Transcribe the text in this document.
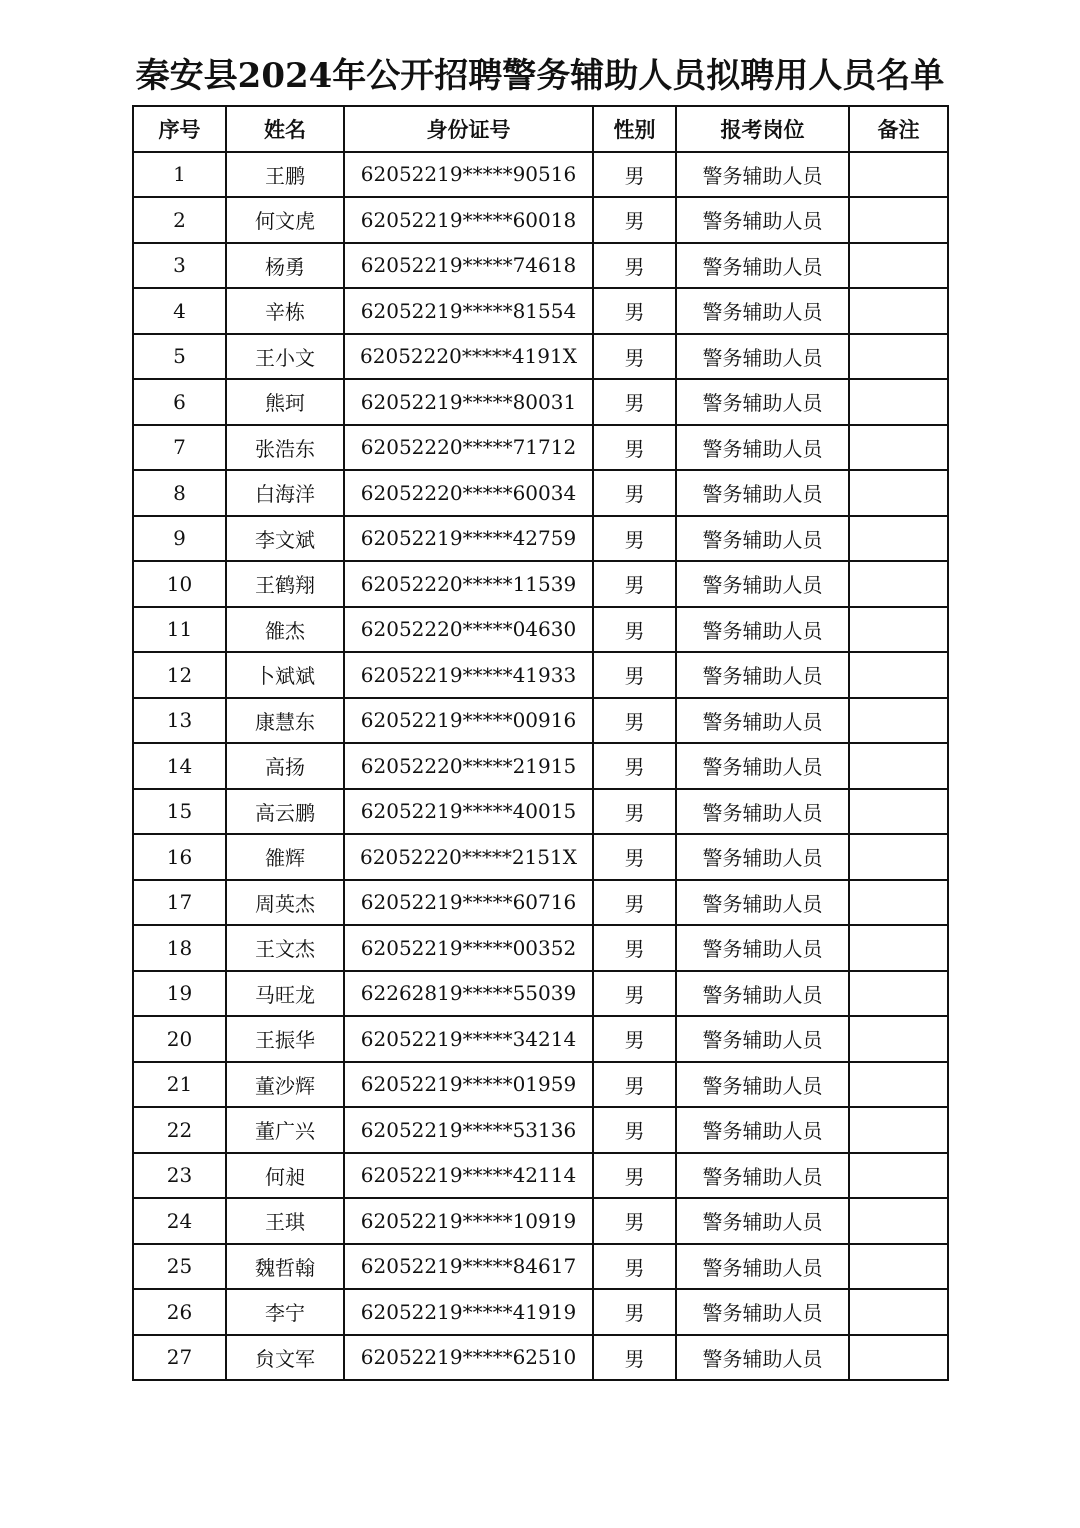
秦安县2024年公开招聘警务辅助人员拟聘用人员名单
序号	姓名	身份证号	性别	报考岗位	备注
1	王鹏	62052219*****90516	男	警务辅助人员	
2	何文虎	62052219*****60018	男	警务辅助人员	
3	杨勇	62052219*****74618	男	警务辅助人员	
4	辛栋	62052219*****81554	男	警务辅助人员	
5	王小文	62052220*****4191X	男	警务辅助人员	
6	熊珂	62052219*****80031	男	警务辅助人员	
7	张浩东	62052220*****71712	男	警务辅助人员	
8	白海洋	62052220*****60034	男	警务辅助人员	
9	李文斌	62052219*****42759	男	警务辅助人员	
10	王鹤翔	62052220*****11539	男	警务辅助人员	
11	雒杰	62052220*****04630	男	警务辅助人员	
12	卜斌斌	62052219*****41933	男	警务辅助人员	
13	康慧东	62052219*****00916	男	警务辅助人员	
14	高扬	62052220*****21915	男	警务辅助人员	
15	高云鹏	62052219*****40015	男	警务辅助人员	
16	雒辉	62052220*****2151X	男	警务辅助人员	
17	周英杰	62052219*****60716	男	警务辅助人员	
18	王文杰	62052219*****00352	男	警务辅助人员	
19	马旺龙	62262819*****55039	男	警务辅助人员	
20	王振华	62052219*****34214	男	警务辅助人员	
21	董沙辉	62052219*****01959	男	警务辅助人员	
22	董广兴	62052219*****53136	男	警务辅助人员	
23	何昶	62052219*****42114	男	警务辅助人员	
24	王琪	62052219*****10919	男	警务辅助人员	
25	魏哲翰	62052219*****84617	男	警务辅助人员	
26	李宁	62052219*****41919	男	警务辅助人员	
27	贠文军	62052219*****62510	男	警务辅助人员	
